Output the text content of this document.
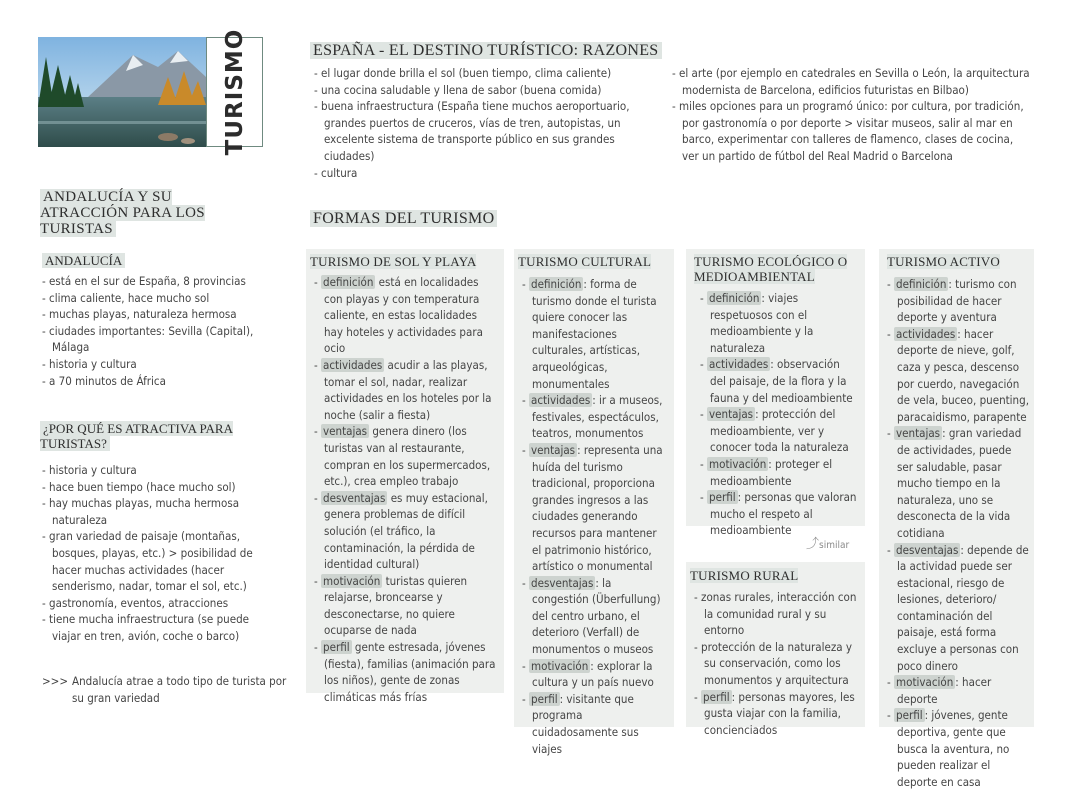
TURISMO	ESPAÑA - EL DESTINO TURÍSTICO: RAZONES
- el lugar donde brilla el sol (buen tiempo, clima caliente)
- una cocina saludable y llena de sabor (buena comida)
- buena infraestructura (España tiene muchos aeroportuario, grandes puertos de cruceros, vías de tren, autopistas, un excelente sistema de transporte público en sus grandes ciudades)
- cultura
- el arte (por ejemplo en catedrales en Sevilla o León, la arquitectura modernista de Barcelona, edificios futuristas en Bilbao)
- miles opciones para un programó único: por cultura, por tradición, por gastronomía o por deporte > visitar museos, salir al mar en barco, experimentar con talleres de flamenco, clases de cocina, ver un partido de fútbol del Real Madrid o Barcelona
ANDALUCÍA Y SU ATRACCIÓN PARA LOS TURISTAS
ANDALUCÍA
- está en el sur de España, 8 provincias
- clima caliente, hace mucho sol
- muchas playas, naturaleza hermosa
- ciudades importantes: Sevilla (Capital), Málaga
- historia y cultura
- a 70 minutos de África
¿POR QUÉ ES ATRACTIVA PARA TURISTAS?
- historia y cultura
- hace buen tiempo (hace mucho sol)
- hay muchas playas, mucha hermosa naturaleza
- gran variedad de paisaje (montañas, bosques, playas, etc.) > posibilidad de hacer muchas actividades (hacer senderismo, nadar, tomar el sol, etc.)
- gastronomía, eventos, atracciones
- tiene mucha infraestructura (se puede viajar en tren, avión, coche o barco)
>>> Andalucía atrae a todo tipo de turista por su gran variedad
FORMAS DEL TURISMO
TURISMO DE SOL Y PLAYA

- definición está en localidades con playas y con temperatura caliente, en estas localidades hay hoteles y actividades para ocio

- actividades acudir a las playas, tomar el sol, nadar, realizar actividades en los hoteles por la noche (salir a fiesta)

- ventajas genera dinero (los turistas van al restaurante, compran en los supermercados, etc.), crea empleo trabajo

- desventajas es muy estacional, genera problemas de difícil solución (el tráfico, la contaminación, la pérdida de identidad cultural)

- motivación turistas quieren relajarse, broncearse y desconectarse, no quiere ocuparse de nada

- perfil gente estresada, jóvenes (fiesta), familias (animación para los niños), gente de zonas climáticas más frías

TURISMO CULTURAL

- definición : forma de turismo donde el turista quiere conocer las manifestaciones culturales, artísticas, arqueológicas, monumentales

- actividades : ir a museos, festivales, espectáculos, teatros, monumentos

- ventajas : representa una huída del turismo tradicional, proporciona grandes ingresos a las ciudades generando recursos para mantener el patrimonio histórico, artístico o monumental

- desventajas : la congestión (Überfullung) del centro urbano, el deterioro (Verfall) de monumentos o museos

- motivación : explorar la cultura y un país nuevo

- perfil : visitante que programa cuidadosamente sus viajes

TURISMO ECOLÓGICO O MEDIOAMBIENTAL

- definición : viajes respetuosos con el medioambiente y la naturaleza

- actividades : observación del paisaje, de la flora y la fauna y del medioambiente

- ventajas : protección del medioambiente, ver y conocer toda la naturaleza

- motivación : proteger el medioambiente

- perfil : personas que valoran mucho el respeto al medioambiente

⤴similar
TURISMO RURAL

- zonas rurales, interacción con la comunidad rural y su entorno

- protección de la naturaleza y su conservación, como los monumentos y arquitectura

- perfil : personas mayores, les gusta viajar con la familia, concienciados

TURISMO ACTIVO

- definición : turismo con posibilidad de hacer deporte y aventura

- actividades : hacer deporte de nieve, golf, caza y pesca, descenso por cuerdo, navegación de vela, buceo, puenting, paracaidismo, parapente

- ventajas : gran variedad de actividades, puede ser saludable, pasar mucho tiempo en la naturaleza, uno se desconecta de la vida cotidiana

- desventajas : depende de la actividad puede ser estacional, riesgo de lesiones, deterioro/ contaminación del paisaje, está forma excluye a personas con poco dinero

- motivación : hacer deporte

- perfil : jóvenes, gente deportiva, gente que busca la aventura, no pueden realizar el deporte en casa
